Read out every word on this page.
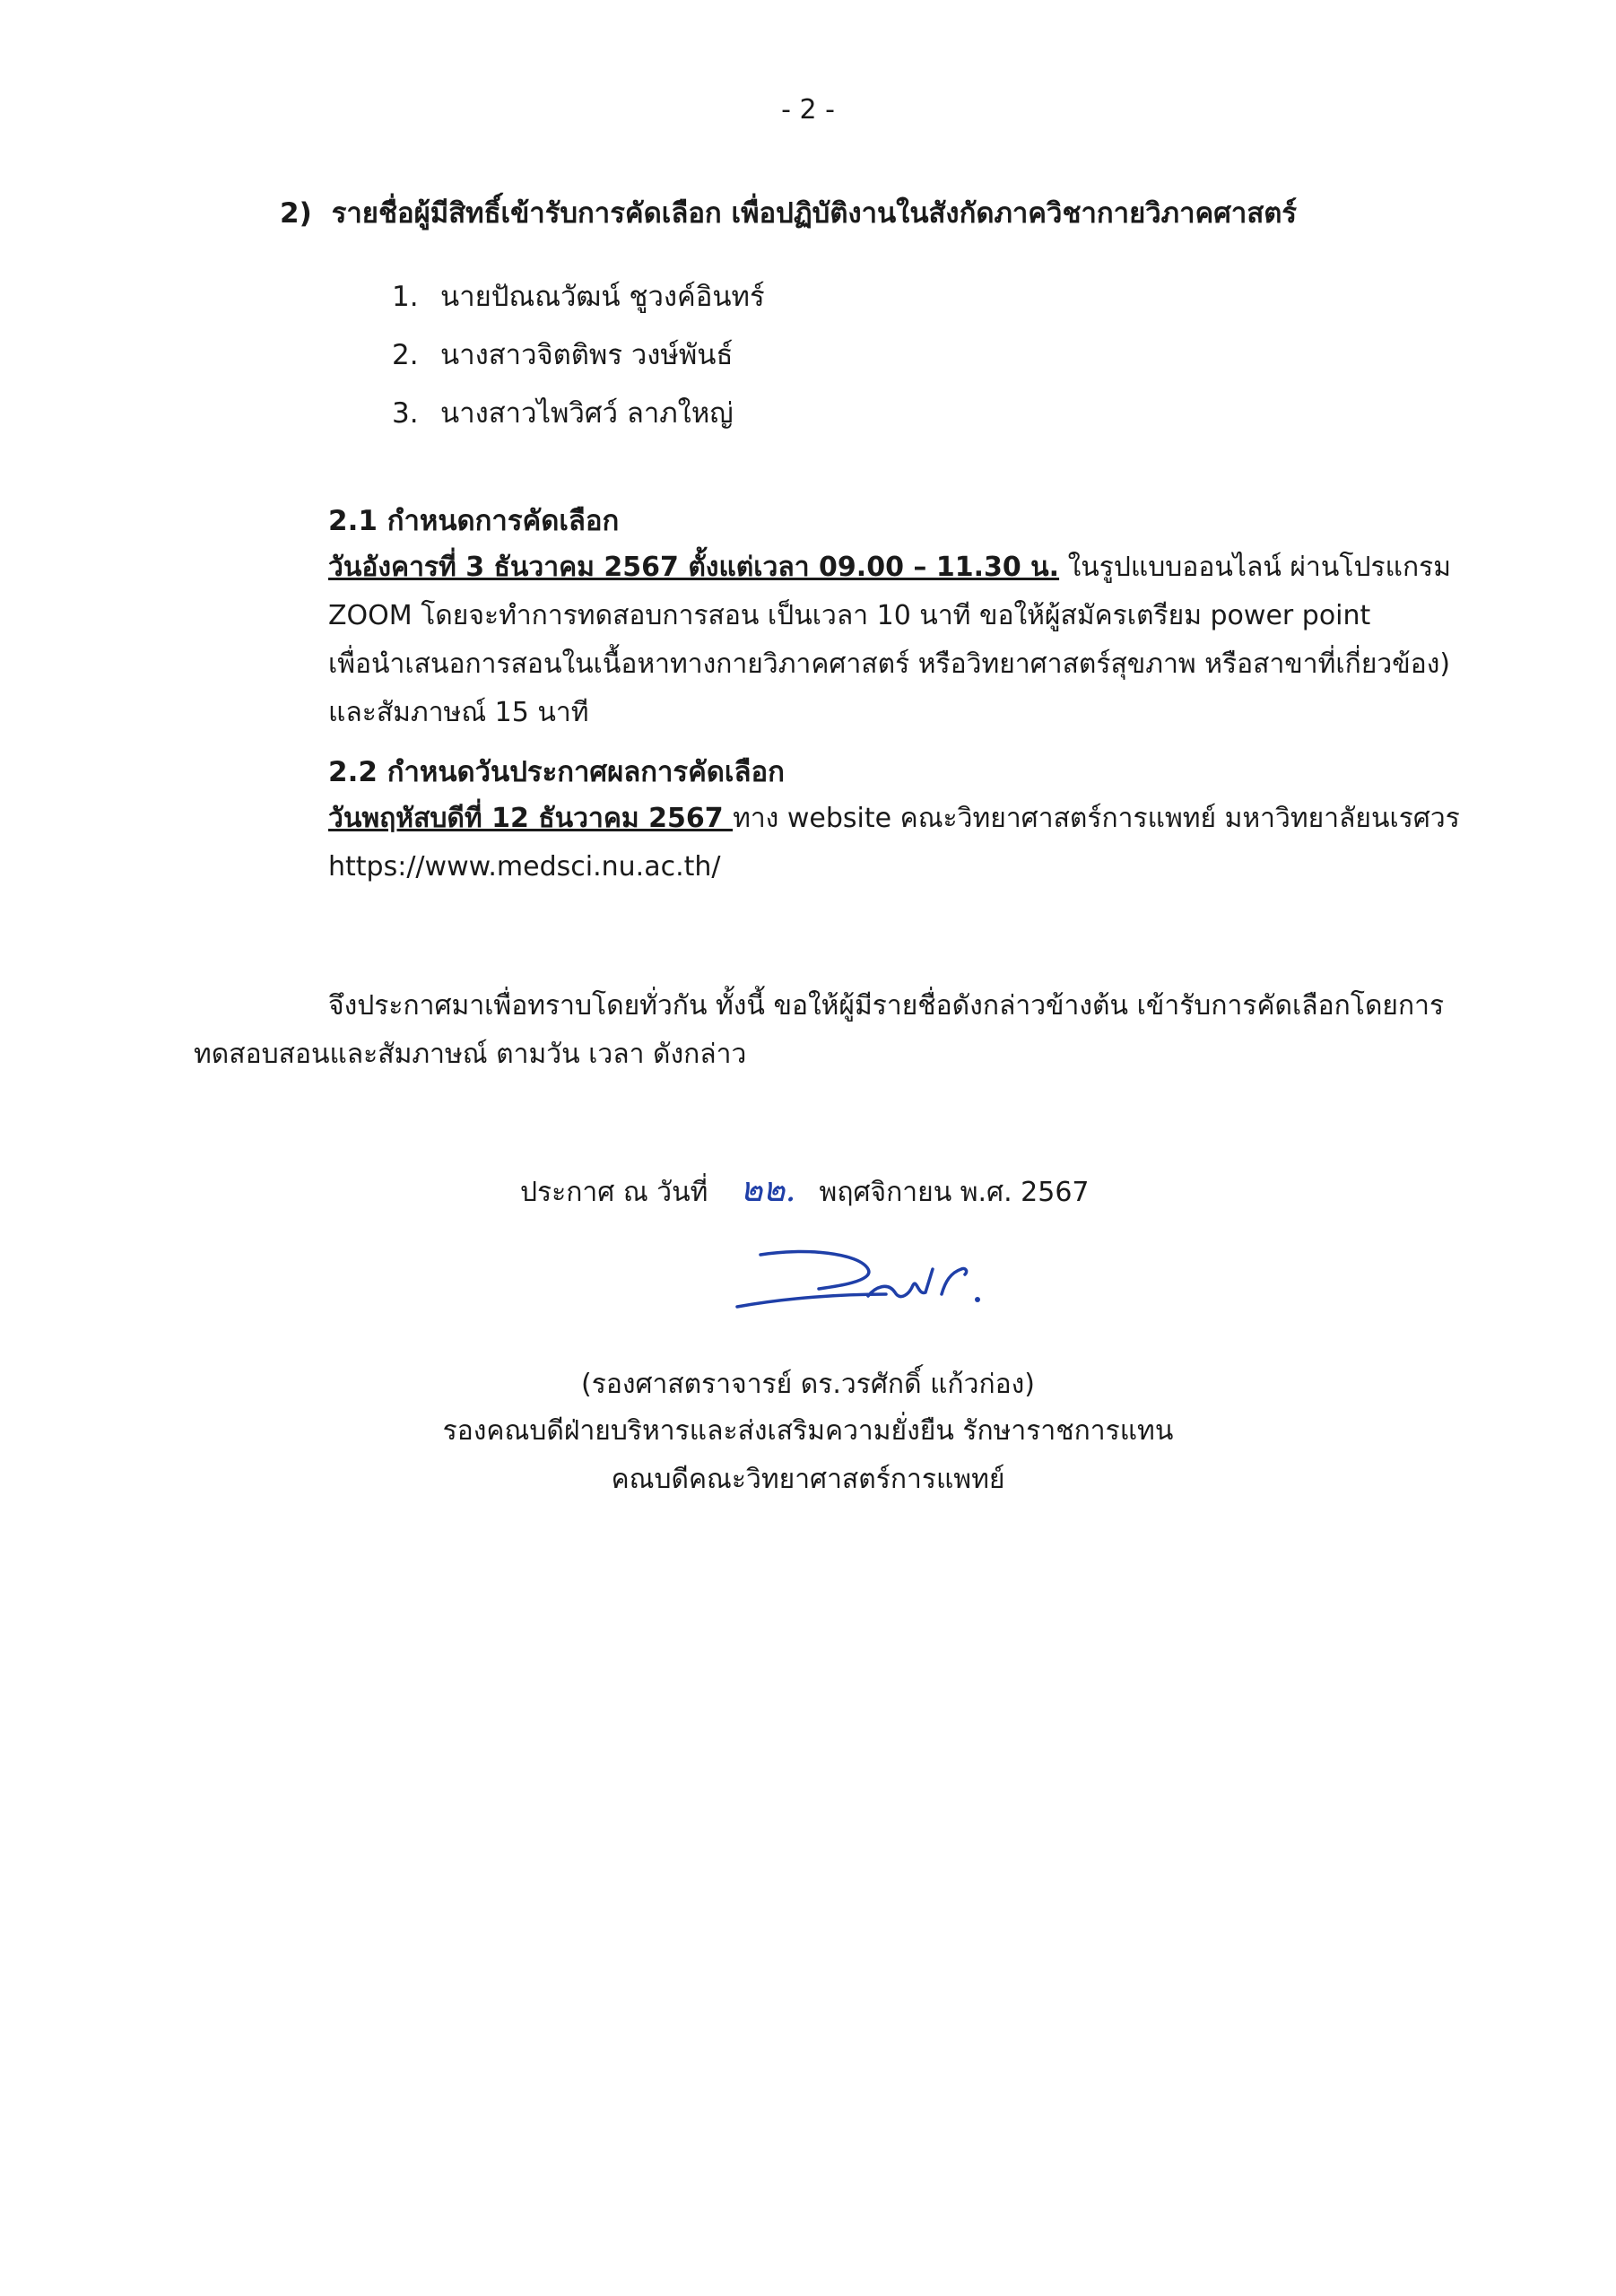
- 2 -
2) รายชื่อผู้มีสิทธิ์เข้ารับการคัดเลือก เพื่อปฏิบัติงานในสังกัดภาควิชากายวิภาคศาสตร์
1. นายปัณณวัฒน์ ชูวงค์อินทร์
2. นางสาวจิตติพร วงษ์พันธ์
3. นางสาวไพวิศว์ ลาภใหญ่
2.1 กำหนดการคัดเลือก
วันอังคารที่ 3 ธันวาคม 2567 ตั้งแต่เวลา 09.00 – 11.30 น. ในรูปแบบออนไลน์ ผ่านโปรแกรม
ZOOM โดยจะทำการทดสอบการสอน เป็นเวลา 10 นาที ขอให้ผู้สมัครเตรียม power point
เพื่อนำเสนอการสอนในเนื้อหาทางกายวิภาคศาสตร์ หรือวิทยาศาสตร์สุขภาพ หรือสาขาที่เกี่ยวข้อง)
และสัมภาษณ์ 15 นาที
2.2 กำหนดวันประกาศผลการคัดเลือก
วันพฤหัสบดีที่ 12 ธันวาคม 2567 ทาง website คณะวิทยาศาสตร์การแพทย์ มหาวิทยาลัยนเรศวร
https://www.medsci.nu.ac.th/
จึงประกาศมาเพื่อทราบโดยทั่วกัน ทั้งนี้ ขอให้ผู้มีรายชื่อดังกล่าวข้างต้น เข้ารับการคัดเลือกโดยการ
ทดสอบสอนและสัมภาษณ์ ตามวัน เวลา ดังกล่าว
ประกาศ ณ วันที่ ๒๒. พฤศจิกายน พ.ศ. 2567
(รองศาสตราจารย์ ดร.วรศักดิ์ แก้วก่อง)
รองคณบดีฝ่ายบริหารและส่งเสริมความยั่งยืน รักษาราชการแทน
คณบดีคณะวิทยาศาสตร์การแพทย์
